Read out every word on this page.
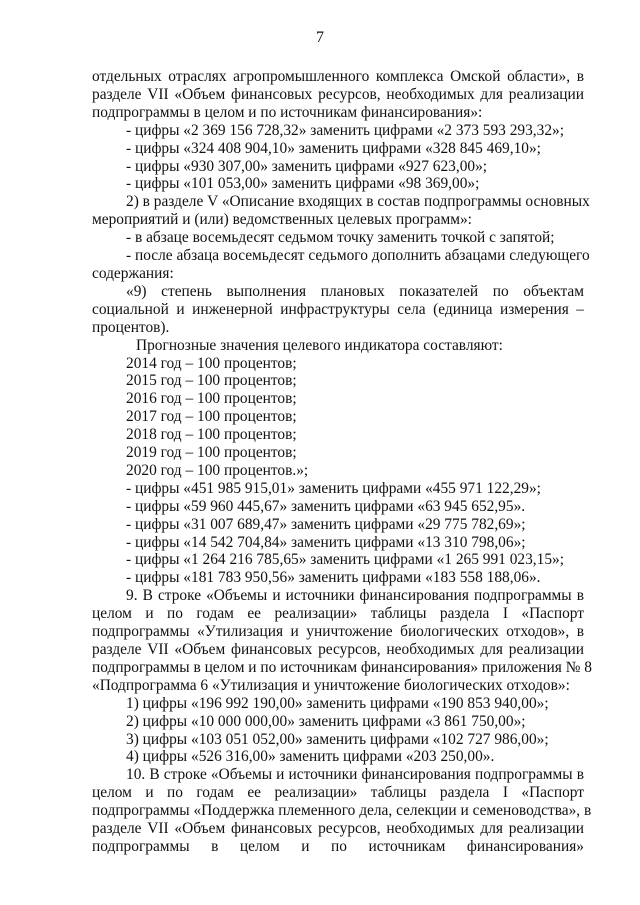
7
отдельных отраслях агропромышленного комплекса Омской области», в
разделе VII «Объем финансовых ресурсов, необходимых для реализации
подпрограммы в целом и по источникам финансирования»:
- цифры «2 369 156 728,32» заменить цифрами «2 373 593 293,32»;
- цифры «324 408 904,10» заменить цифрами «328 845 469,10»;
- цифры «930 307,00» заменить цифрами «927 623,00»;
- цифры «101 053,00» заменить цифрами «98 369,00»;
2) в разделе V «Описание входящих в состав подпрограммы основных
мероприятий и (или) ведомственных целевых программ»:
- в абзаце восемьдесят седьмом точку заменить точкой с запятой;
- после абзаца восемьдесят седьмого дополнить абзацами следующего
содержания:
«9) степень выполнения плановых показателей по объектам
социальной и инженерной инфраструктуры села (единица измерения –
процентов).
Прогнозные значения целевого индикатора составляют:
2014 год – 100 процентов;
2015 год – 100 процентов;
2016 год – 100 процентов;
2017 год – 100 процентов;
2018 год – 100 процентов;
2019 год – 100 процентов;
2020 год – 100 процентов.»;
- цифры «451 985 915,01» заменить цифрами «455 971 122,29»;
- цифры «59 960 445,67» заменить цифрами «63 945 652,95».
- цифры «31 007 689,47» заменить цифрами «29 775 782,69»;
- цифры «14 542 704,84» заменить цифрами «13 310 798,06»;
- цифры «1 264 216 785,65» заменить цифрами «1 265 991 023,15»;
- цифры «181 783 950,56» заменить цифрами «183 558 188,06».
9. В строке «Объемы и источники финансирования подпрограммы в
целом и по годам ее реализации» таблицы раздела I «Паспорт
подпрограммы «Утилизация и уничтожение биологических отходов», в
разделе VII «Объем финансовых ресурсов, необходимых для реализации
подпрограммы в целом и по источникам финансирования» приложения № 8
«Подпрограмма 6 «Утилизация и уничтожение биологических отходов»:
1) цифры «196 992 190,00» заменить цифрами «190 853 940,00»;
2) цифры «10 000 000,00» заменить цифрами «3 861 750,00»;
3) цифры «103 051 052,00» заменить цифрами «102 727 986,00»;
4) цифры «526 316,00» заменить цифрами «203 250,00».
10. В строке «Объемы и источники финансирования подпрограммы в
целом и по годам ее реализации» таблицы раздела I «Паспорт
подпрограммы «Поддержка племенного дела, селекции и семеноводства», в
разделе VII «Объем финансовых ресурсов, необходимых для реализации
подпрограммы в целом и по источникам финансирования»
